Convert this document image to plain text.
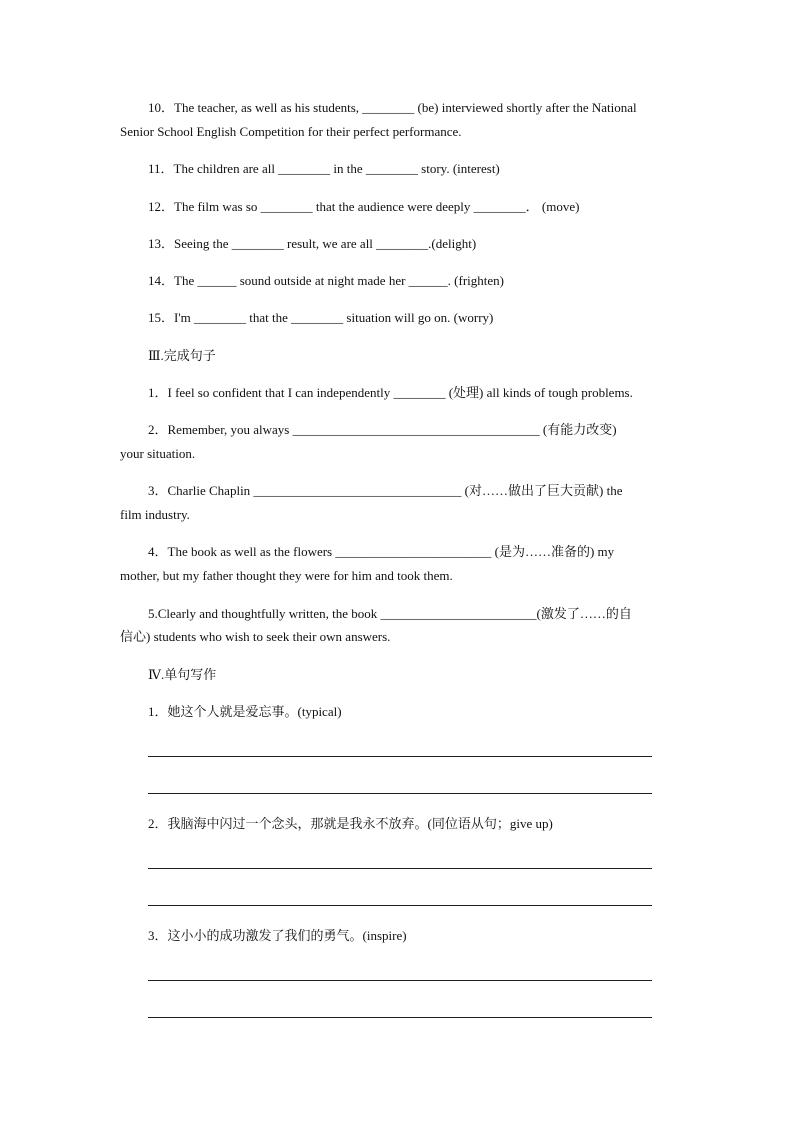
10．The teacher, as well as his students, ________ (be) interviewed shortly after the National
Senior School English Competition for their perfect performance.
11．The children are all ________ in the ________ story. (interest)
12．The film was so ________ that the audience were deeply ________． (move)
13．Seeing the ________ result, we are all ________.(delight)
14．The ______ sound outside at night made her ______. (frighten)
15．I'm ________ that the ________ situation will go on. (worry)
Ⅲ.完成句子
1．I feel so confident that I can independently ________ (处理) all kinds of tough problems.
2．Remember, you always ______________________________________ (有能力改变)
your situation.
3．Charlie Chaplin ________________________________ (对……做出了巨大贡献) the
film industry.
4．The book as well as the flowers ________________________ (是为……准备的) my
mother, but my father thought they were for him and took them.
5.Clearly and thoughtfully written, the book ________________________(激发了……的自
信心) students who wish to seek their own answers.
Ⅳ.单句写作
1．她这个人就是爱忘事。(typical)
2．我脑海中闪过一个念头，那就是我永不放弃。(同位语从句；give up)
3．这小小的成功激发了我们的勇气。(inspire)
